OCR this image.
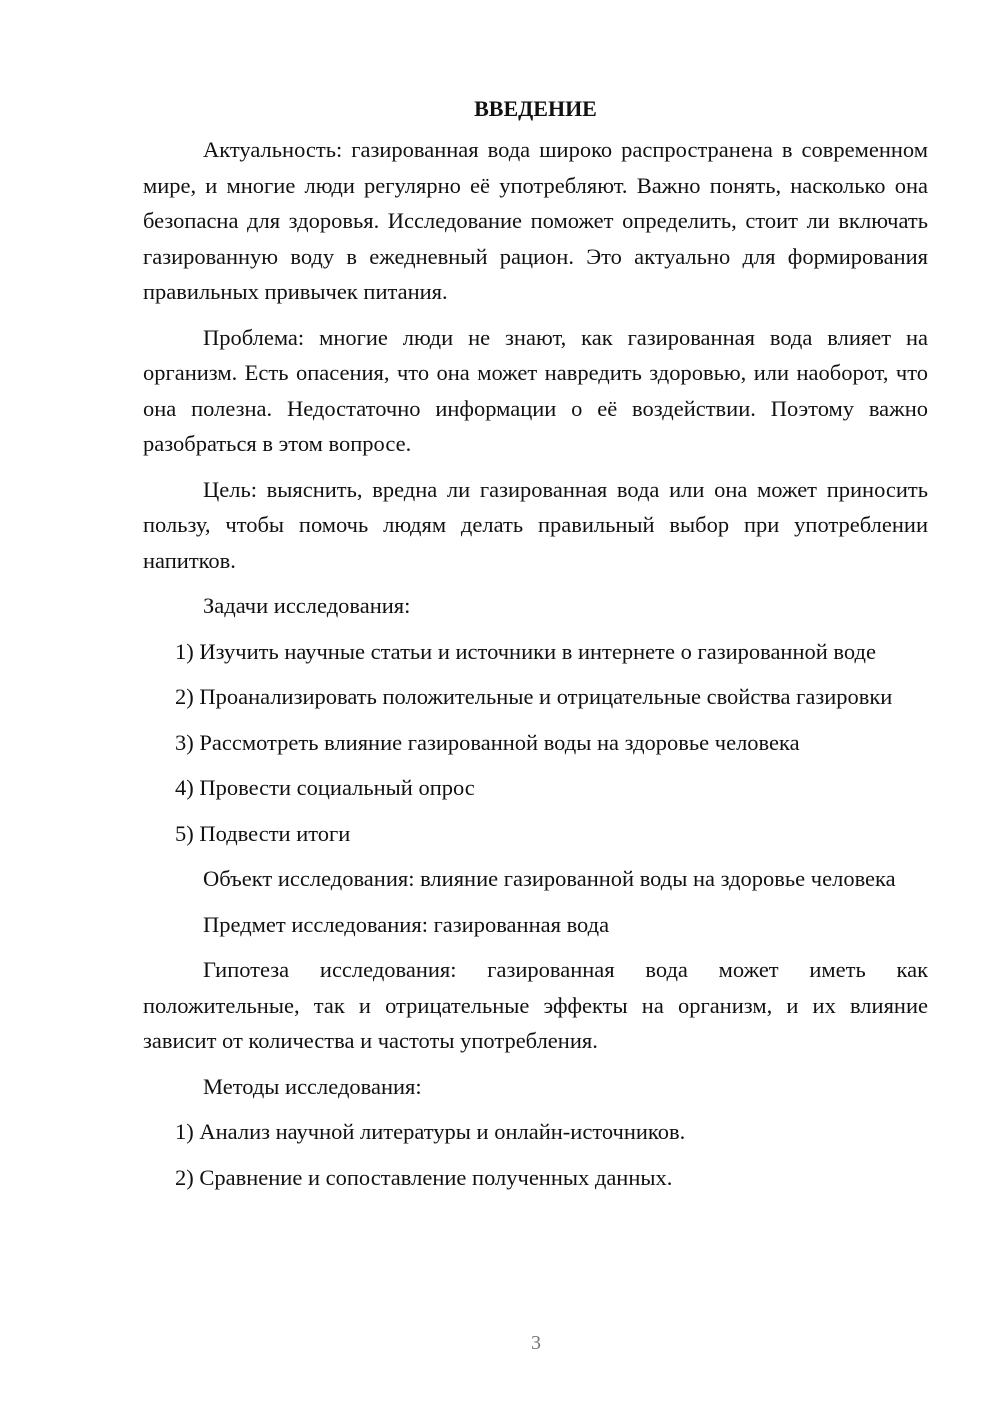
ВВЕДЕНИЕ

Актуальность: газированная вода широко распространена в современном мире, и многие люди регулярно её употребляют. Важно понять, насколько она безопасна для здоровья. Исследование поможет определить, стоит ли включать газированную воду в ежедневный рацион. Это актуально для формирования правильных привычек питания.

Проблема: многие люди не знают, как газированная вода влияет на организм. Есть опасения, что она может навредить здоровью, или наоборот, что она полезна. Недостаточно информации о её воздействии. Поэтому важно разобраться в этом вопросе.

Цель: выяснить, вредна ли газированная вода или она может приносить пользу, чтобы помочь людям делать правильный выбор при употреблении напитков.

Задачи исследования:

1) Изучить научные статьи и источники в интернете о газированной воде

2) Проанализировать положительные и отрицательные свойства газировки

3) Рассмотреть влияние газированной воды на здоровье человека

4) Провести социальный опрос

5) Подвести итоги

Объект исследования: влияние газированной воды на здоровье человека

Предмет исследования: газированная вода

Гипотеза исследования: газированная вода может иметь как положительные, так и отрицательные эффекты на организм, и их влияние зависит от количества и частоты употребления.

Методы исследования:

1) Анализ научной литературы и онлайн-источников.

2) Сравнение и сопоставление полученных данных.

3
